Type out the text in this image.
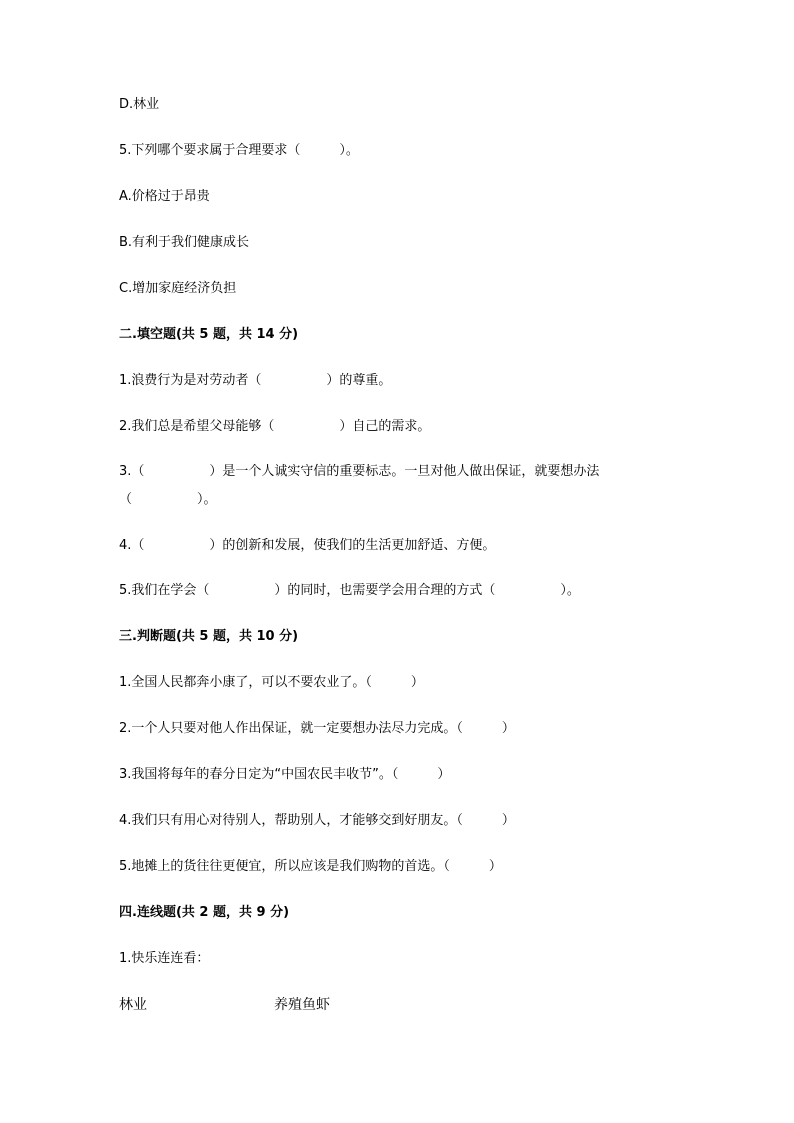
D.林业
5.下列哪个要求属于合理要求（　　　）。
A.价格过于昂贵
B.有利于我们健康成长
C.增加家庭经济负担
二.填空题(共 5 题，共 14 分)
1.浪费行为是对劳动者（　　　　　）的尊重。
2.我们总是希望父母能够（　　　　　）自己的需求。
3.（　　　　　）是一个人诚实守信的重要标志。一旦对他人做出保证，就要想办法
（　　　　　）。
4.（　　　　　）的创新和发展，使我们的生活更加舒适、方便。
5.我们在学会（　　　　　）的同时，也需要学会用合理的方式（　　　　　）。
三.判断题(共 5 题，共 10 分)
1.全国人民都奔小康了，可以不要农业了。（　　　）
2.一个人只要对他人作出保证，就一定要想办法尽力完成。（　　　）
3.我国将每年的春分日定为“中国农民丰收节”。（　　　）
4.我们只有用心对待别人，帮助别人，才能够交到好朋友。（　　　）
5.地摊上的货往往更便宜，所以应该是我们购物的首选。（　　　）
四.连线题(共 2 题，共 9 分)
1.快乐连连看：
林业	养殖鱼虾
